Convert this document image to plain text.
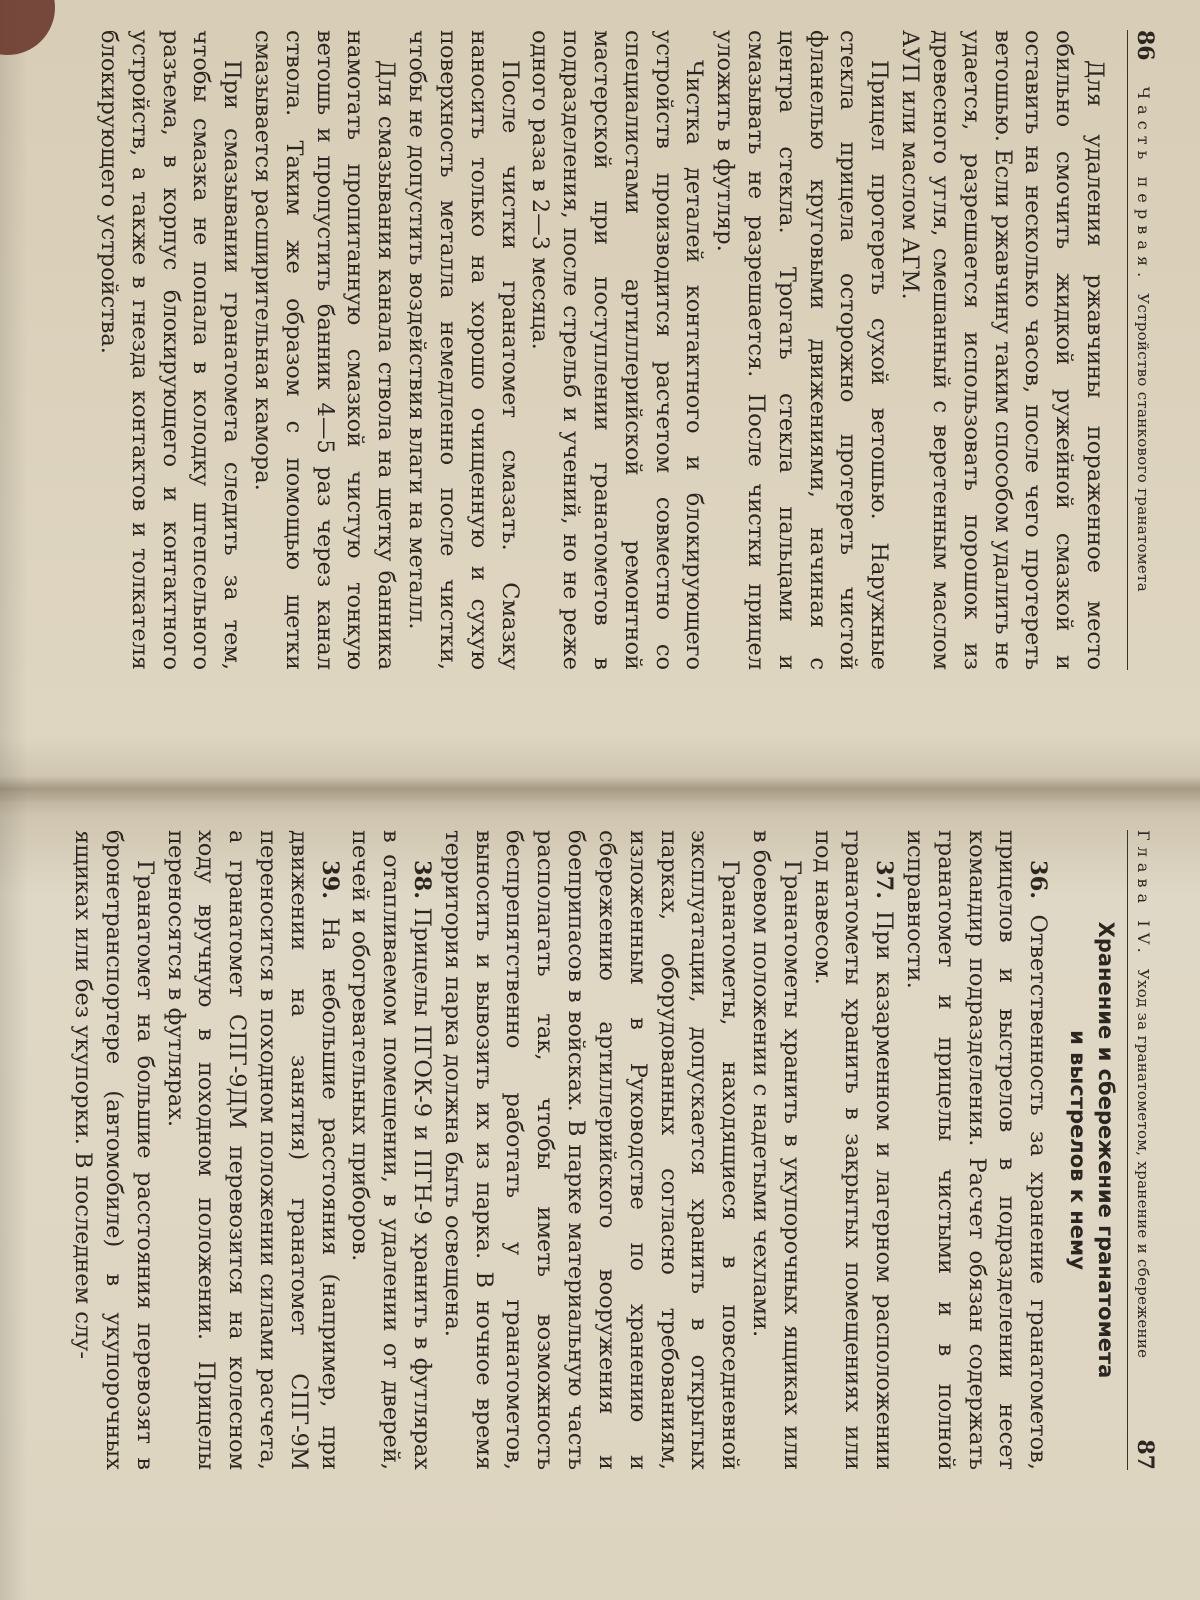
86
Часть первая.
Устройство станкового гранатомета

Для удаления ржавчины пораженное место обильно смочить жидкой ружейной смазкой и оставить на несколько часов, после чего протереть ветошью. Если ржавчину таким способом удалить не удается, разрешается использовать порошок из древесного угля, смешанный с веретенным маслом АУП или маслом АГМ.

Прицел протереть сухой ветошью. Наружные стекла прицела осторожно протереть чистой фланелью круговыми движениями, начиная с центра стекла. Трогать стекла пальцами и смазывать не разрешается. После чистки прицел уложить в футляр.

Чистка деталей контактного и блокирующего устройств производится расчетом совместно со специалистами артиллерийской ремонтной мастерской при поступлении гранатометов в подразделения, после стрельб и учений, но не реже одного раза в 2—3 месяца.

После чистки гранатомет смазать. Смазку наносить только на хорошо очищенную и сухую поверхность металла немедленно после чистки, чтобы не допустить воздействия влаги на металл.

Для смазывания канала ствола на щетку банника намотать пропитанную смазкой чистую тонкую ветошь и пропустить банник 4—5 раз через канал ствола. Таким же образом с помощью щетки смазывается расширительная камора.

При смазывании гранатомета следить за тем, чтобы смазка не попала в колодку штепсельного разъема, в корпус блокирующего и контактного устройств, а также в гнезда контактов и толкателя блокирующего устройства.

Глава IV.
Уход за гранатометом, хранение и сбережение
87
Хранение и сбережение гранатомета
и выстрелов к нему

36. Ответственность за хранение гранатометов, прицелов и выстрелов в подразделении несет командир подразделения. Расчет обязан содержать гранатомет и прицелы чистыми и в полной исправности.

37. При казарменном и лагерном расположении гранатометы хранить в закрытых помещениях или под навесом.

Гранатометы хранить в укупорочных ящиках или в боевом положении с надетыми чехлами.

Гранатометы, находящиеся в повседневной эксплуатации, допускается хранить в открытых парках, оборудованных согласно требованиям, изложенным в Руководстве по хранению и сбережению артиллерийского вооружения и боеприпасов в войсках. В парке материальную часть располагать так, чтобы иметь возможность беспрепятственно работать у гранатометов, выносить и вывозить их из парка. В ночное время территория парка должна быть освещена.

38. Прицелы ПГОК-9 и ПГН-9 хранить в футлярах в отапливаемом помещении, в удалении от дверей, печей и обогревательных приборов.

39. На небольшие расстояния (например, при движении на занятия) гранатомет СПГ-9М переносится в походном положении силами расчета, а гранатомет СПГ-9ДМ перевозится на колесном ходу вручную в походном положении. Прицелы переносятся в футлярах.

Гранатомет на большие расстояния перевозят в бронетранспортере (автомобиле) в укупорочных ящиках или без укупорки. В последнем слу-
